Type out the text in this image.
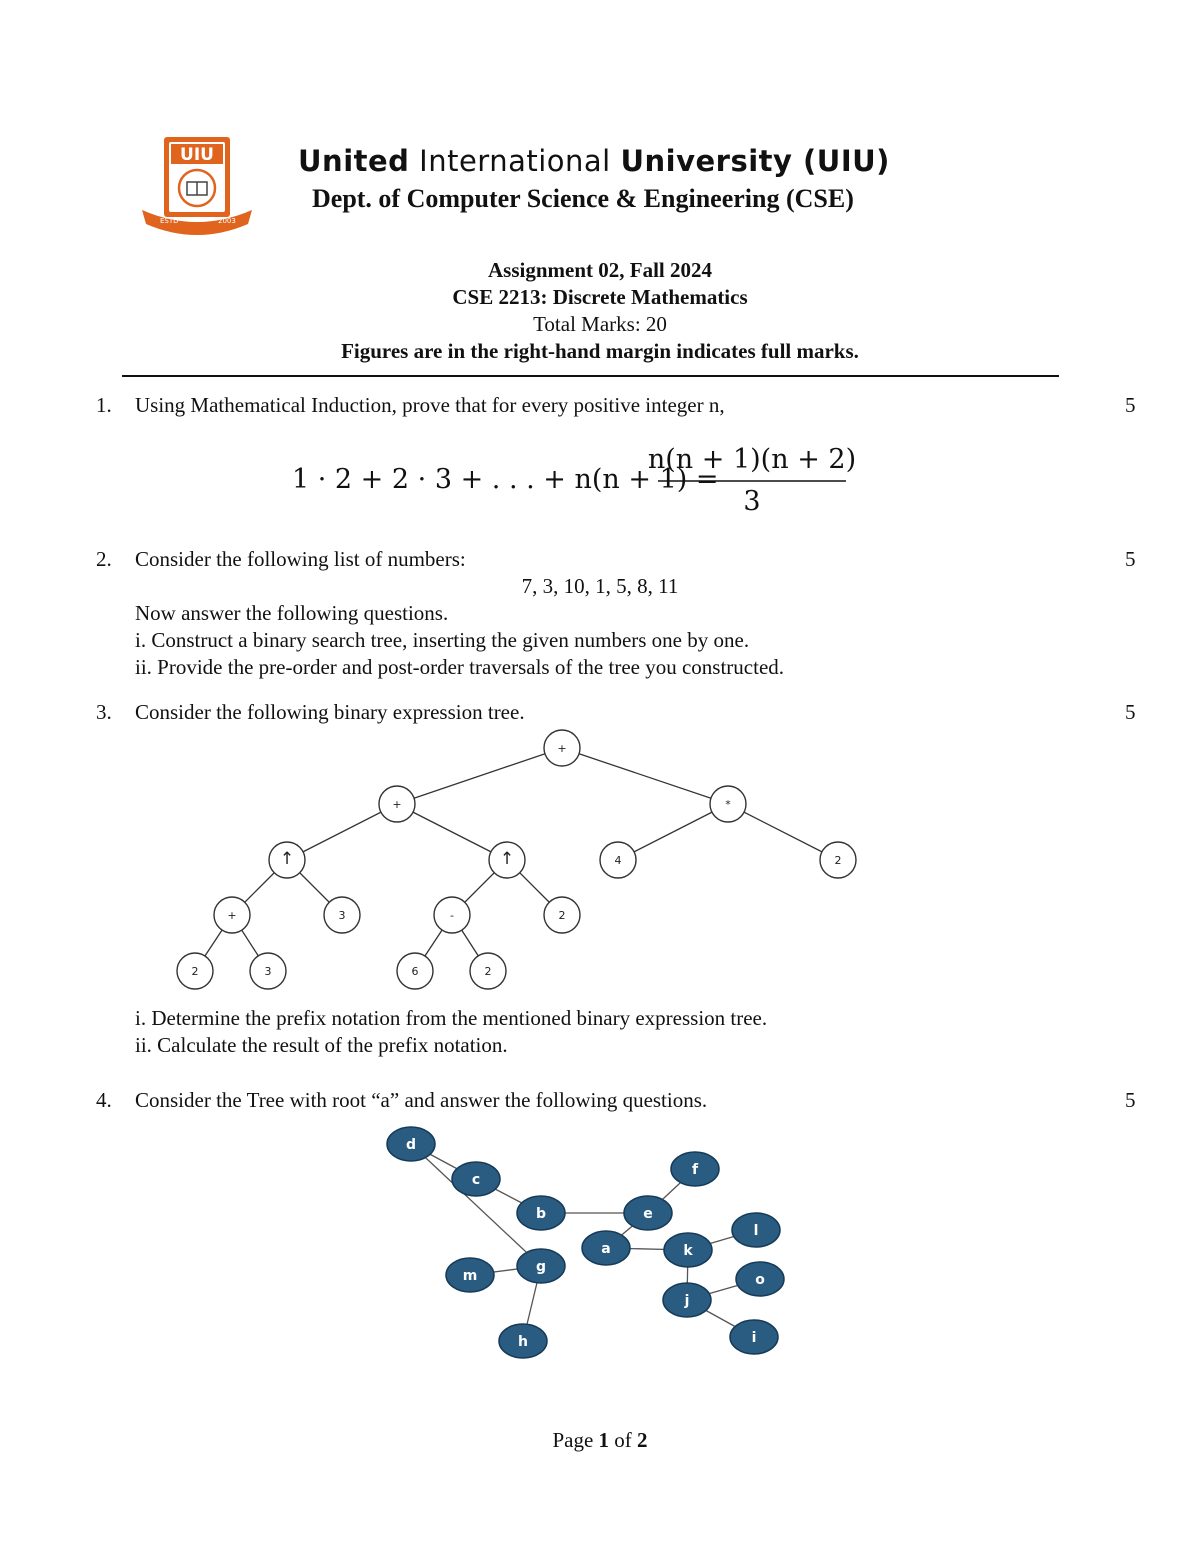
UIU
ESTD	2003
United International University (UIU)
Dept. of Computer Science & Engineering (CSE)
Assignment 02, Fall 2024
CSE 2213: Discrete Mathematics
Total Marks: 20
Figures are in the right-hand margin indicates full marks.
1. Using Mathematical Induction, prove that for every positive integer n,	5
1 · 2 + 2 · 3 + . . . + n(n + 1) =
n(n + 1)(n + 2)
3
2. Consider the following list of numbers:	5
7, 3, 10, 1, 5, 8, 11
Now answer the following questions.
i. Construct a binary search tree, inserting the given numbers one by one.
ii. Provide the pre-order and post-order traversals of the tree you constructed.
3. Consider the following binary expression tree.	5
+
+	*
↑	↑	4	2
+	3	-	2
2	3	6	2
i. Determine the prefix notation from the mentioned binary expression tree.
ii. Calculate the result of the prefix notation.
4. Consider the Tree with root “a” and answer the following questions.	5
d
c
b	e
f
a	k
l
g
m
h
o
j
i
Page 1 of 2
